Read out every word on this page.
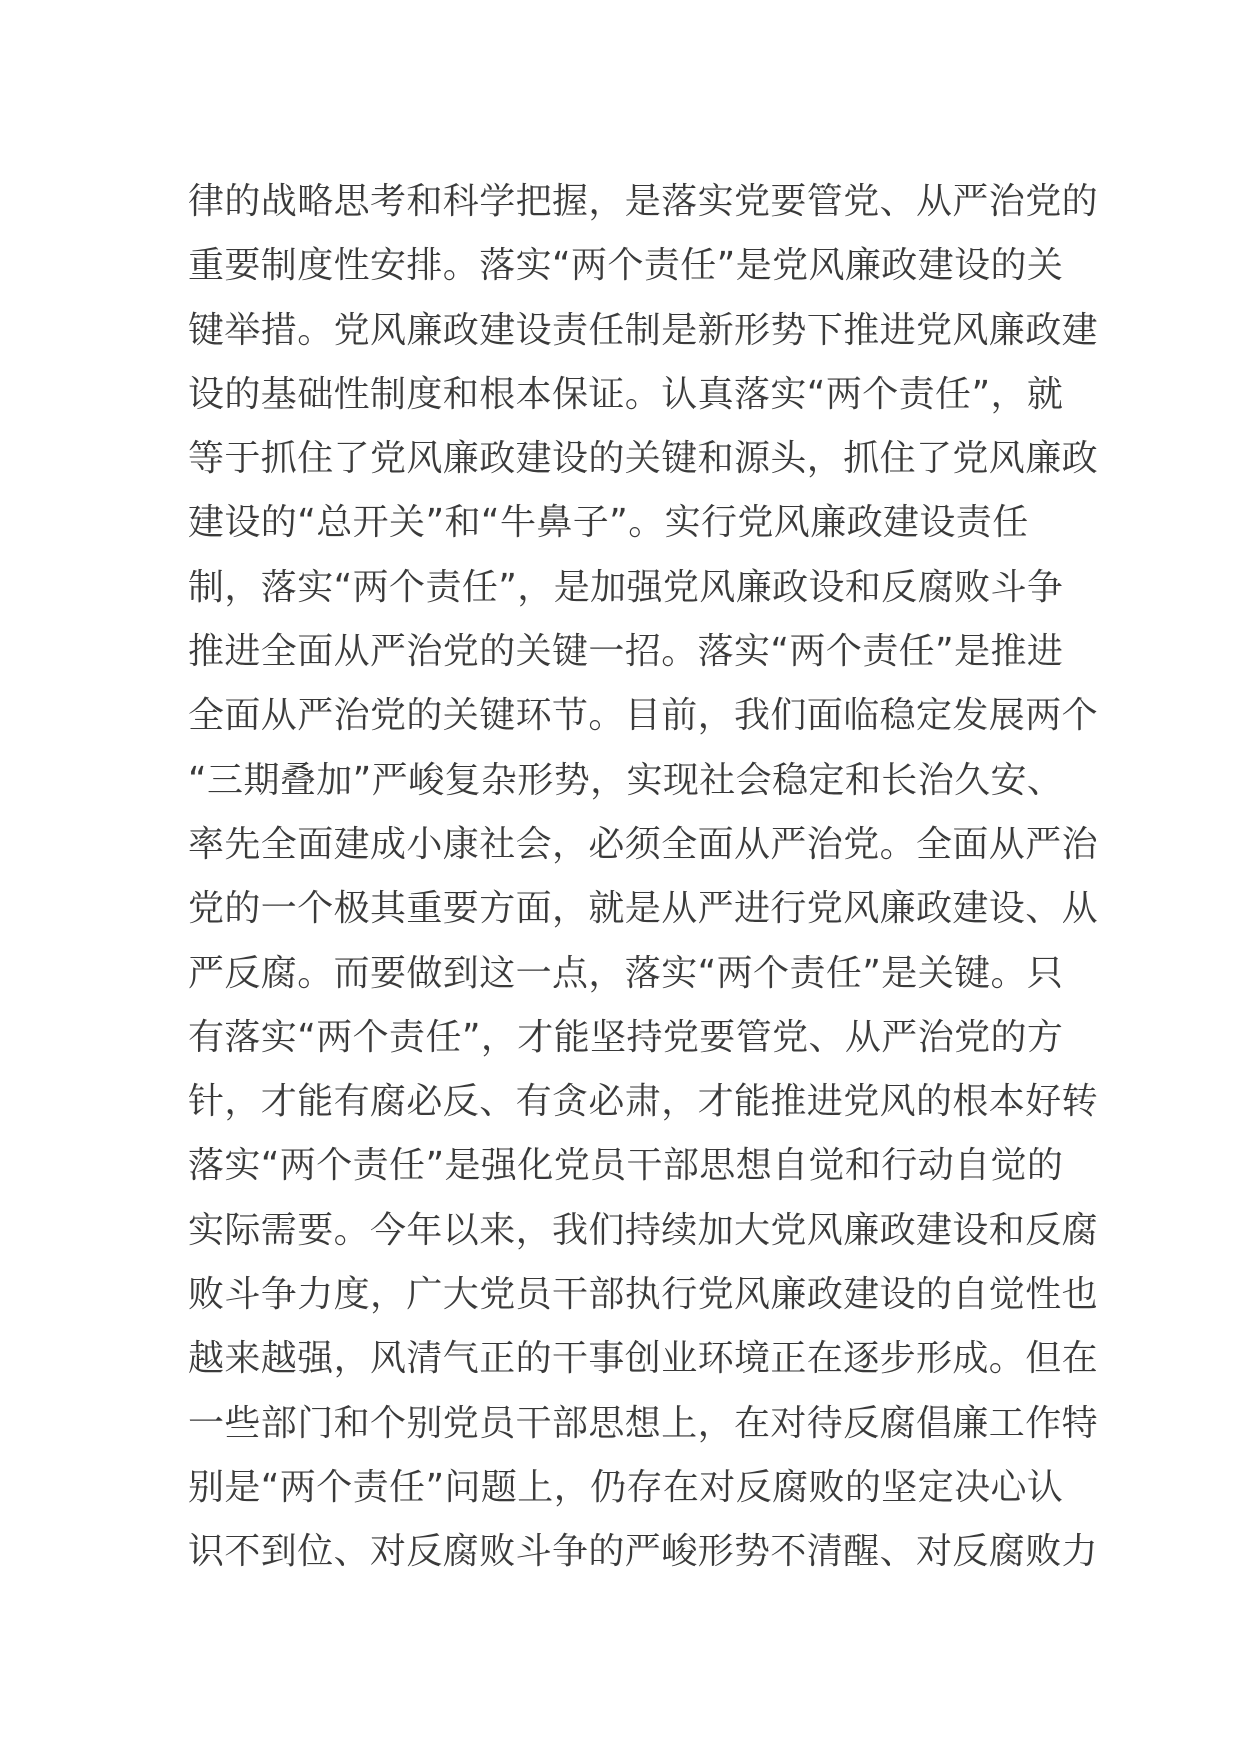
律的战略思考和科学把握，是落实党要管党、从严治党的
重要制度性安排。落实“两个责任”是党风廉政建设的关
键举措。党风廉政建设责任制是新形势下推进党风廉政建
设的基础性制度和根本保证。认真落实“两个责任”，就
等于抓住了党风廉政建设的关键和源头，抓住了党风廉政
建设的“总开关”和“牛鼻子”。实行党风廉政建设责任
制，落实“两个责任”，是加强党风廉政设和反腐败斗争
推进全面从严治党的关键一招。落实“两个责任”是推进
全面从严治党的关键环节。目前，我们面临稳定发展两个
“三期叠加”严峻复杂形势，实现社会稳定和长治久安、
率先全面建成小康社会，必须全面从严治党。全面从严治
党的一个极其重要方面，就是从严进行党风廉政建设、从
严反腐。而要做到这一点，落实“两个责任”是关键。只
有落实“两个责任”，才能坚持党要管党、从严治党的方
针，才能有腐必反、有贪必肃，才能推进党风的根本好转
落实“两个责任”是强化党员干部思想自觉和行动自觉的
实际需要。今年以来，我们持续加大党风廉政建设和反腐
败斗争力度，广大党员干部执行党风廉政建设的自觉性也
越来越强，风清气正的干事创业环境正在逐步形成。但在
一些部门和个别党员干部思想上，在对待反腐倡廉工作特
别是“两个责任”问题上，仍存在对反腐败的坚定决心认
识不到位、对反腐败斗争的严峻形势不清醒、对反腐败力
